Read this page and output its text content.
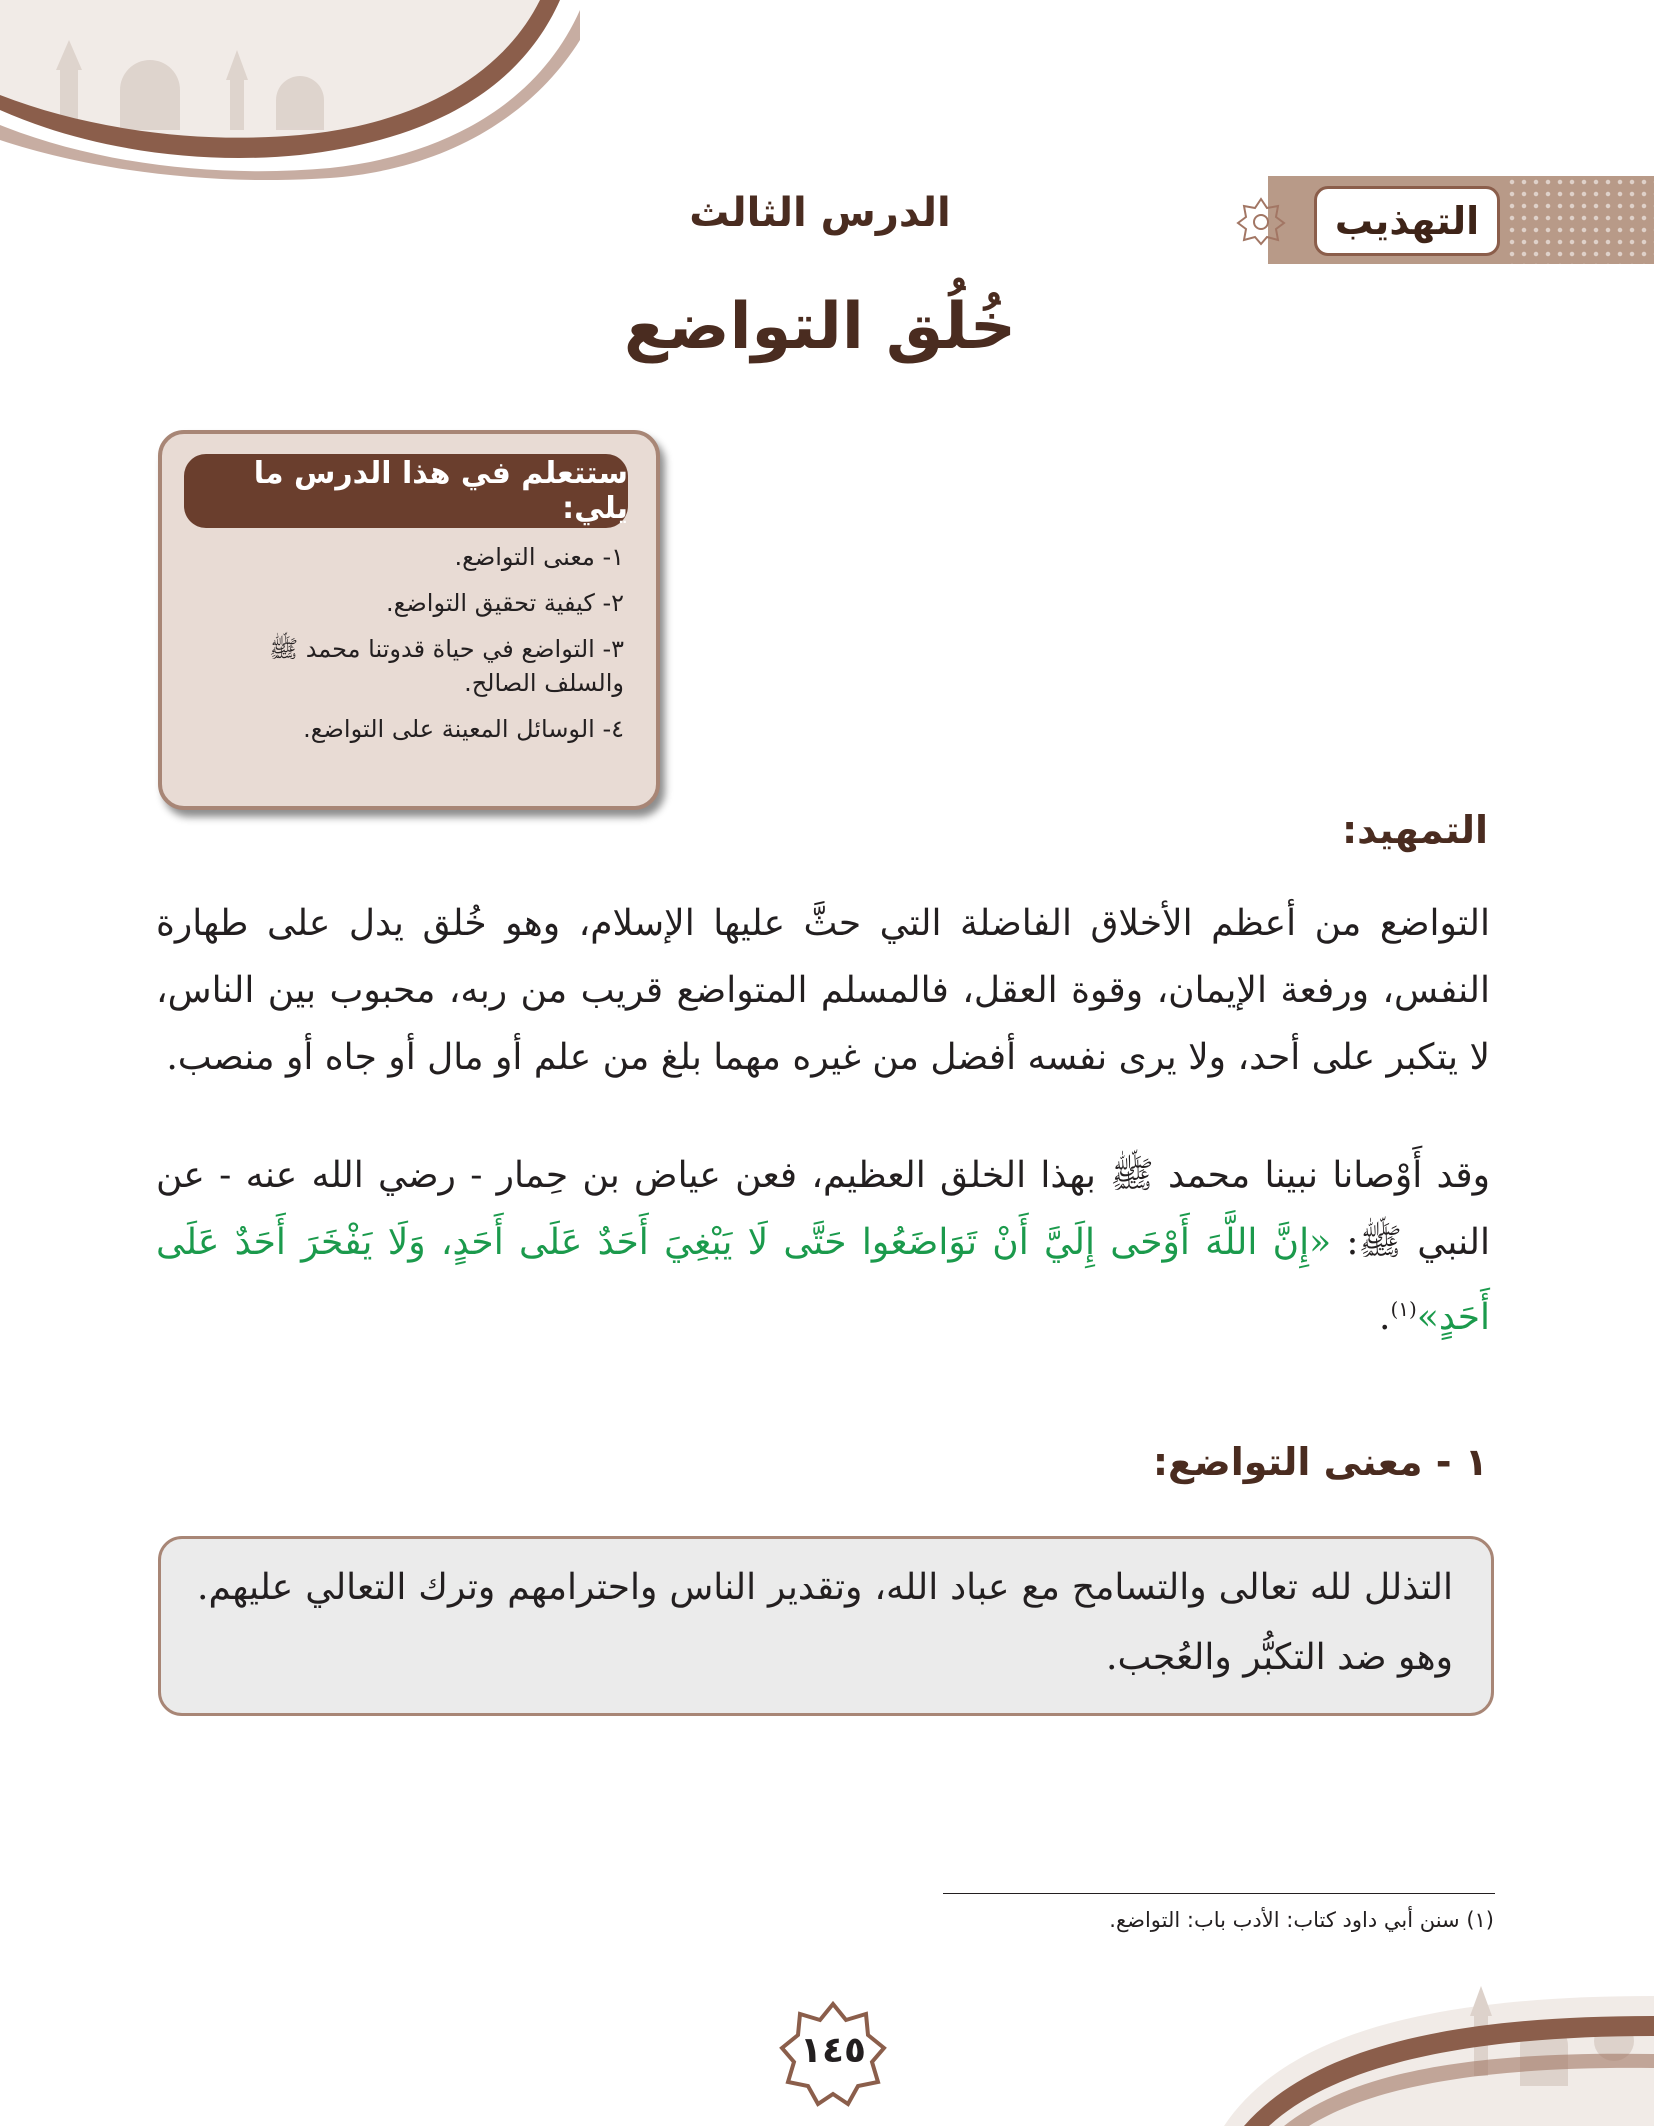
التهذيب
الدرس الثالث
خُلُق التواضع
ستتعلم في هذا الدرس ما يلي:
١- معنى التواضع.
٢- كيفية تحقيق التواضع.
٣- التواضع في حياة قدوتنا محمد ﷺ والسلف الصالح.
٤- الوسائل المعينة على التواضع.
التمهيد:

التواضع من أعظم الأخلاق الفاضلة التي حثَّ عليها الإسلام، وهو خُلق يدل على طهارة النفس، ورفعة الإيمان، وقوة العقل، فالمسلم المتواضع قريب من ربه، محبوب بين الناس، لا يتكبر على أحد، ولا يرى نفسه أفضل من غيره مهما بلغ من علم أو مال أو جاه أو منصب.

وقد أَوْصانا نبينا محمد ﷺ بهذا الخلق العظيم، فعن عياض بن حِمار - رضي الله عنه - عن النبي ﷺ: «إِنَّ اللَّهَ أَوْحَى إِلَيَّ أَنْ تَوَاضَعُوا حَتَّى لَا يَبْغِيَ أَحَدٌ عَلَى أَحَدٍ، وَلَا يَفْخَرَ أَحَدٌ عَلَى أَحَدٍ»$^{(١)}$.

١ - معنى التواضع:
التذلل لله تعالى والتسامح مع عباد الله، وتقدير الناس واحترامهم وترك التعالي عليهم. وهو ضد التكبُّر والعُجب.
(١) سنن أبي داود كتاب: الأدب باب: التواضع.
١٤٥
